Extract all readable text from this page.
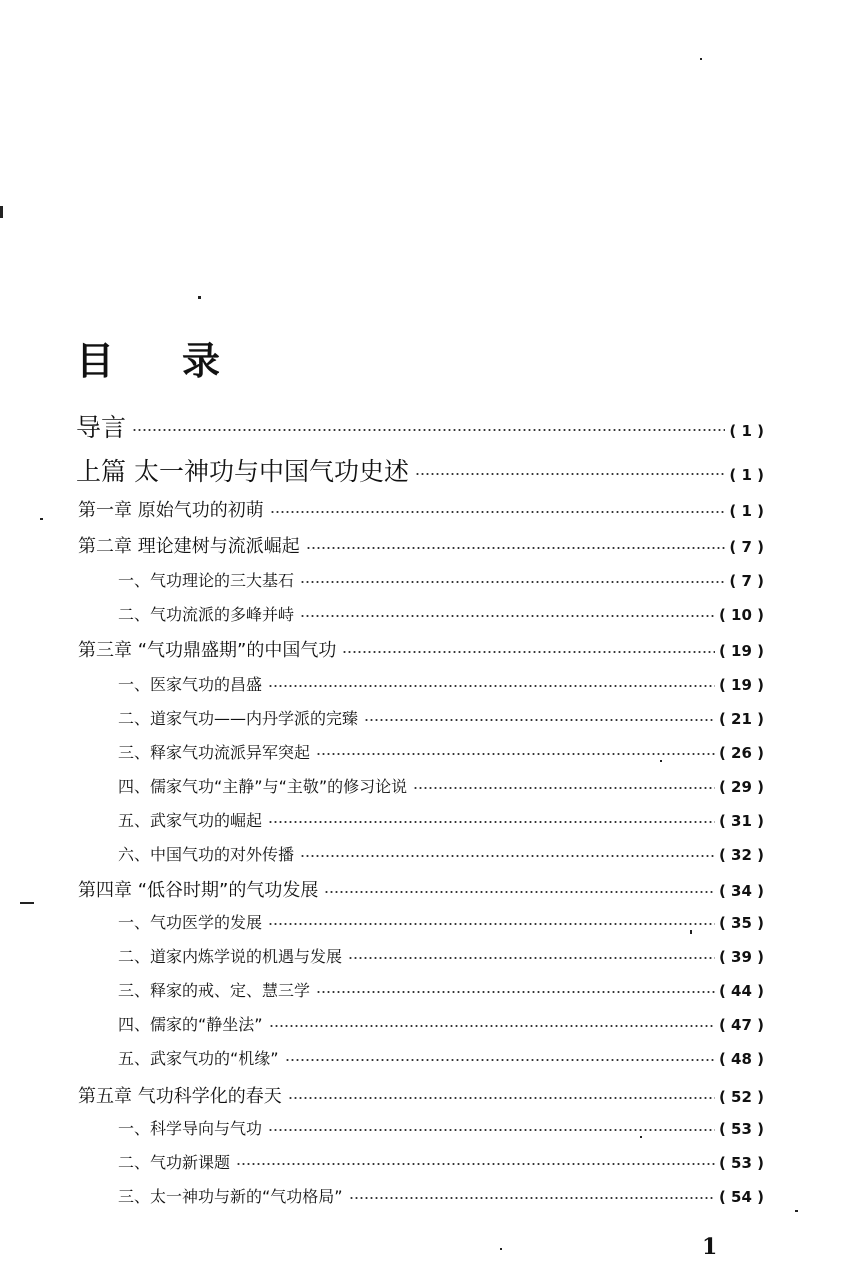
目 录
导言	( 1 )
上篇 太一神功与中国气功史述	( 1 )
第一章 原始气功的初萌	( 1 )
第二章 理论建树与流派崛起	( 7 )
一、气功理论的三大基石	( 7 )
二、气功流派的多峰并峙	( 10 )
第三章 “气功鼎盛期”的中国气功	( 19 )
一、医家气功的昌盛	( 19 )
二、道家气功——内丹学派的完臻	( 21 )
三、释家气功流派异军突起	( 26 )
四、儒家气功“主静”与“主敬”的修习论说	( 29 )
五、武家气功的崛起	( 31 )
六、中国气功的对外传播	( 32 )
第四章 “低谷时期”的气功发展	( 34 )
一、气功医学的发展	( 35 )
二、道家内炼学说的机遇与发展	( 39 )
三、释家的戒、定、慧三学	( 44 )
四、儒家的“静坐法”	( 47 )
五、武家气功的“机缘”	( 48 )
第五章 气功科学化的春天	( 52 )
一、科学导向与气功	( 53 )
二、气功新课题	( 53 )
三、太一神功与新的“气功格局”	( 54 )
1
